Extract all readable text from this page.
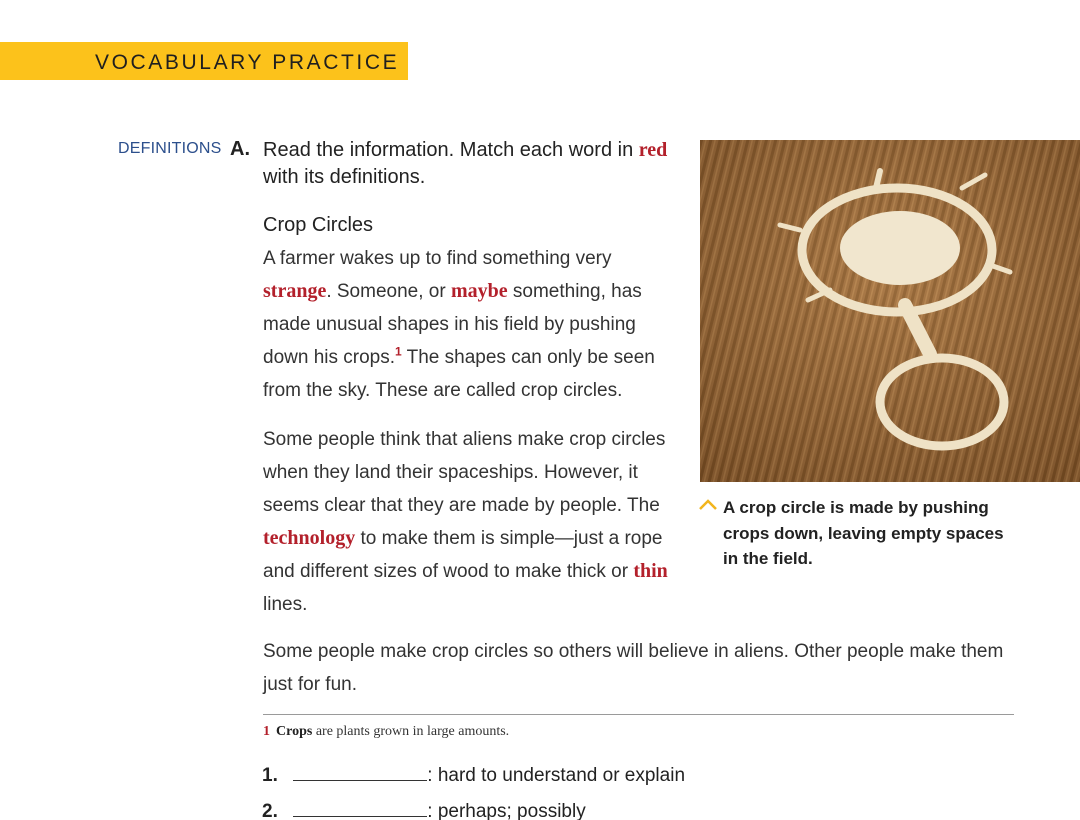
VOCABULARY PRACTICE
DEFINITIONS A. Read the information. Match each word in red with its definitions.
Crop Circles
A farmer wakes up to find something very strange. Someone, or maybe something, has made unusual shapes in his field by pushing down his crops.$^1$ The shapes can only be seen from the sky. These are called crop circles.
Some people think that aliens make crop circles when they land their spaceships. However, it seems clear that they are made by people. The technology to make them is simple—just a rope and different sizes of wood to make thick or thin lines.
Some people make crop circles so others will believe in aliens. Other people make them just for fun.
A crop circle is made by pushing crops down, leaving empty spaces in the field.
1 Crops are plants grown in large amounts.
1.	: hard to understand or explain
2.	: perhaps; possibly
